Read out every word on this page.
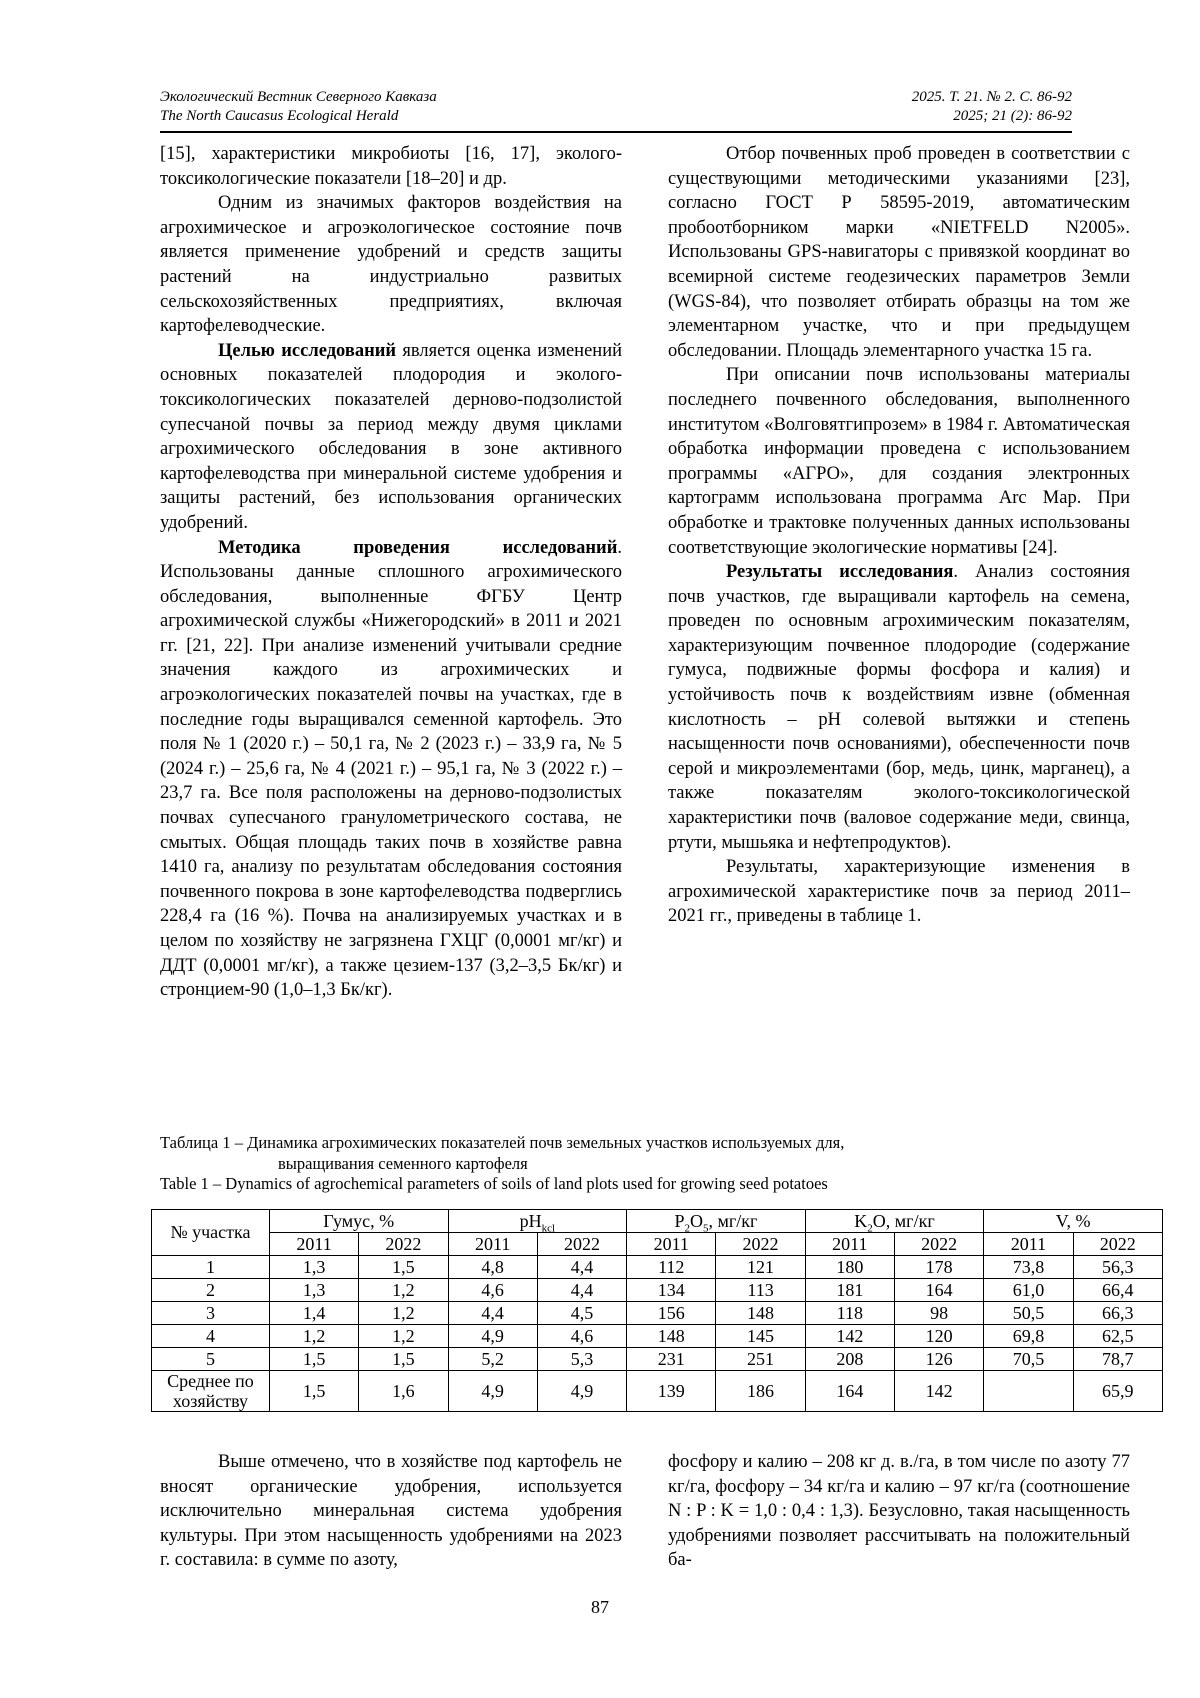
Экологический Вестник Северного Кавказа	2025. Т. 21. № 2. С. 86-92
The North Caucasus Ecological Herald	2025; 21 (2): 86-92

[15], характеристики микробиоты [16, 17], эколого-токсикологические показатели [18–20] и др.

Одним из значимых факторов воздействия на агрохимическое и агроэкологическое состояние почв является применение удобрений и средств защиты растений на индустриально развитых сельскохозяйственных предприятиях, включая картофелеводческие.

Целью исследований является оценка изменений основных показателей плодородия и эколого-токсикологических показателей дерново-подзолистой супесчаной почвы за период между двумя циклами агрохимического обследования в зоне активного картофелеводства при минеральной системе удобрения и защиты растений, без использования органических удобрений.

Методика проведения исследований. Использованы данные сплошного агрохимического обследования, выполненные ФГБУ Центр агрохимической службы «Нижегородский» в 2011 и 2021 гг. [21, 22]. При анализе изменений учитывали средние значения каждого из агрохимических и агроэкологических показателей почвы на участках, где в последние годы выращивался семенной картофель. Это поля № 1 (2020 г.) – 50,1 га, № 2 (2023 г.) – 33,9 га, № 5 (2024 г.) – 25,6 га, № 4 (2021 г.) – 95,1 га, № 3 (2022 г.) – 23,7 га. Все поля расположены на дерново-подзолистых почвах супесчаного гранулометрического состава, не смытых. Общая площадь таких почв в хозяйстве равна 1410 га, анализу по результатам обследования состояния почвенного покрова в зоне картофелеводства подверглись 228,4 га (16 %). Почва на анализируемых участках и в целом по хозяйству не загрязнена ГХЦГ (0,0001 мг/кг) и ДДТ (0,0001 мг/кг), а также цезием-137 (3,2–3,5 Бк/кг) и стронцием-90 (1,0–1,3 Бк/кг).

Отбор почвенных проб проведен в соответствии с существующими методическими указаниями [23], согласно ГОСТ Р 58595-2019, автоматическим пробоотборником марки «NIETFELD N2005». Использованы GPS-навигаторы с привязкой координат во всемирной системе геодезических параметров Земли (WGS-84), что позволяет отбирать образцы на том же элементарном участке, что и при предыдущем обследовании. Площадь элементарного участка 15 га.

При описании почв использованы материалы последнего почвенного обследования, выполненного институтом «Волговятгипрозем» в 1984 г. Автоматическая обработка информации проведена с использованием программы «АГРО», для создания электронных картограмм использована программа Arc Map. При обработке и трактовке полученных данных использованы соответствующие экологические нормативы [24].

Результаты исследования. Анализ состояния почв участков, где выращивали картофель на семена, проведен по основным агрохимическим показателям, характеризующим почвенное плодородие (содержание гумуса, подвижные формы фосфора и калия) и устойчивость почв к воздействиям извне (обменная кислотность – pH солевой вытяжки и степень насыщенности почв основаниями), обеспеченности почв серой и микроэлементами (бор, медь, цинк, марганец), а также показателям эколого-токсикологической характеристики почв (валовое содержание меди, свинца, ртути, мышьяка и нефтепродуктов).

Результаты, характеризующие изменения в агрохимической характеристике почв за период 2011–2021 гг., приведены в таблице 1.

Таблица 1 – Динамика агрохимических показателей почв земельных участков используемых для,
выращивания семенного картофеля
Table 1 – Dynamics of agrochemical parameters of soils of land plots used for growing seed potatoes
№ участка	Гумус, %		$pH_{kcl}$		$P_2O_5$, мг/кг		$K_2O$, мг/кг		V, %	
	2011	2022	2011	2022	2011	2022	2011	2022	2011	2022
1	1,3	1,5	4,8	4,4	112	121	180	178	73,8	56,3
2	1,3	1,2	4,6	4,4	134	113	181	164	61,0	66,4
3	1,4	1,2	4,4	4,5	156	148	118	98	50,5	66,3
4	1,2	1,2	4,9	4,6	148	145	142	120	69,8	62,5
5	1,5	1,5	5,2	5,3	231	251	208	126	70,5	78,7
Среднее по хозяйству	1,5	1,6	4,9	4,9	139	186	164	142		65,9

Выше отмечено, что в хозяйстве под картофель не вносят органические удобрения, используется исключительно минеральная система удобрения культуры. При этом насыщенность удобрениями на 2023 г. составила: в сумме по азоту,

фосфору и калию – 208 кг д. в./га, в том числе по азоту 77 кг/га, фосфору – 34 кг/га и калию – 97 кг/га (соотношение N : P : K = 1,0 : 0,4 : 1,3). Безусловно, такая насыщенность удобрениями позволяет рассчитывать на положительный ба-

87
